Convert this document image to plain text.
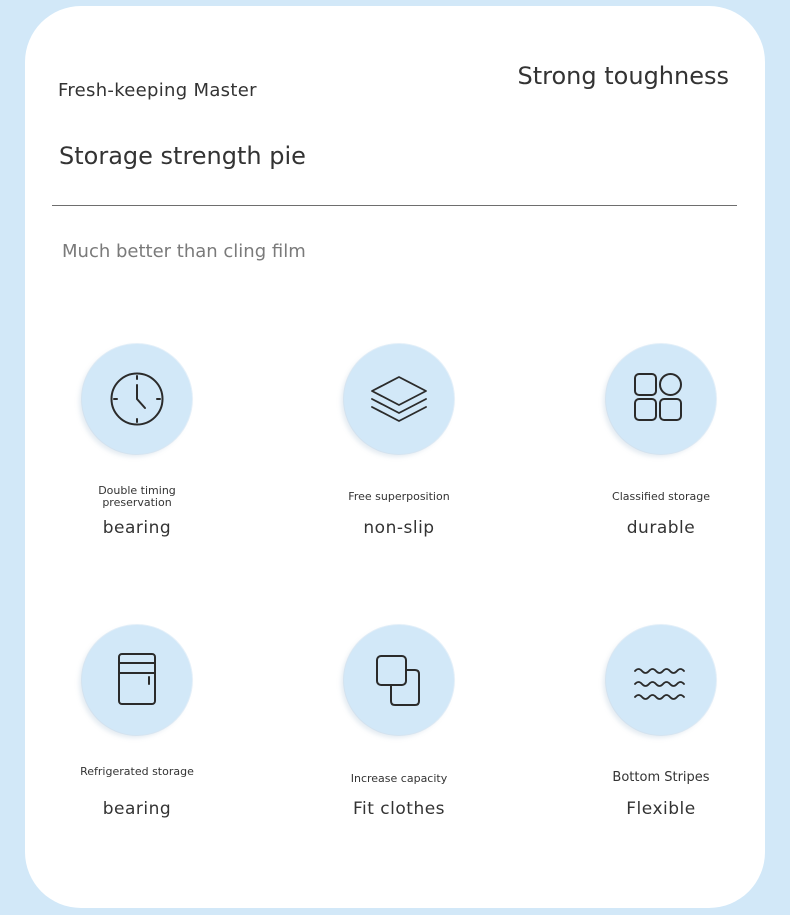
Fresh-keeping Master
Strong toughness
Storage strength pie
Much better than cling film
Double timing preservation
bearing
Free superposition
non-slip
Classified storage
durable
Refrigerated storage
bearing
Increase capacity
Fit clothes
Bottom Stripes
Flexible
